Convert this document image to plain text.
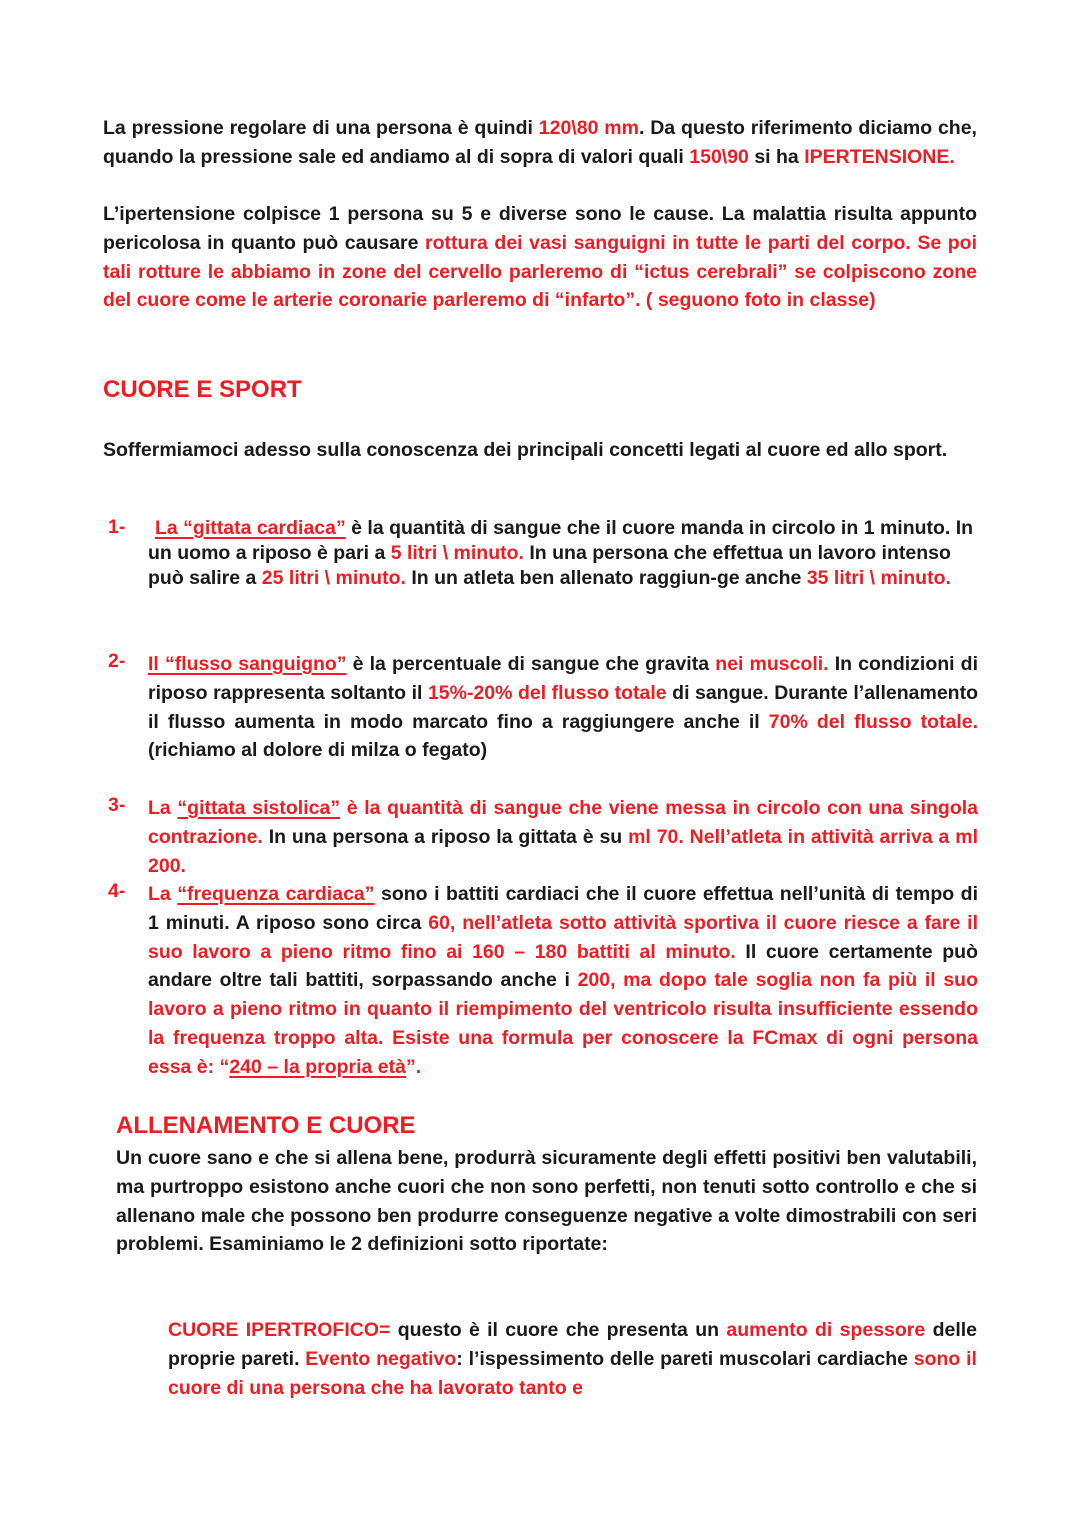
La pressione regolare di una persona è quindi 120\80 mm. Da questo riferimento diciamo che, quando la pressione sale ed andiamo al di sopra di valori quali 150\90 si ha IPERTENSIONE.

L’ipertensione colpisce 1 persona su 5 e diverse sono le cause. La malattia risulta appunto pericolosa in quanto può causare rottura dei vasi sanguigni in tutte le parti del corpo. Se poi tali rotture le abbiamo in zone del cervello parleremo di “ictus cerebrali” se colpiscono zone del cuore come le arterie coronarie parleremo di “infarto”. ( seguono foto in classe)

CUORE E SPORT

Soffermiamoci adesso sulla conoscenza dei principali concetti legati al cuore ed allo sport.

1-	La “gittata cardiaca” è la quantità di sangue che il cuore manda in circolo in 1 minuto. In un uomo a riposo è pari a 5 litri \ minuto. In una persona che effettua un lavoro intenso può salire a 25 litri \ minuto. In un atleta ben allenato raggiun-ge anche 35 litri \ minuto.
2- Il “flusso sanguigno” è la percentuale di sangue che gravita nei muscoli. In condizioni di riposo rappresenta soltanto il 15%-20% del flusso totale di sangue. Durante l’allenamento il flusso aumenta in modo marcato fino a raggiungere anche il 70% del flusso totale. (richiamo al dolore di milza o fegato)
3- La “gittata sistolica” è la quantità di sangue che viene messa in circolo con una singola contrazione. In una persona a riposo la gittata è su ml 70. Nell’atleta in attività arriva a ml 200.
4- La “frequenza cardiaca” sono i battiti cardiaci che il cuore effettua nell’unità di tempo di 1 minuti. A riposo sono circa 60, nell’atleta sotto attività sportiva il cuore riesce a fare il suo lavoro a pieno ritmo fino ai 160 – 180 battiti al minuto. Il cuore certamente può andare oltre tali battiti, sorpassando anche i 200, ma dopo tale soglia non fa più il suo lavoro a pieno ritmo in quanto il riempimento del ventricolo risulta insufficiente essendo la frequenza troppo alta. Esiste una formula per conoscere la FCmax di ogni persona essa è: “240 – la propria età”.
ALLENAMENTO E CUORE

Un cuore sano e che si allena bene, produrrà sicuramente degli effetti positivi ben valutabili, ma purtroppo esistono anche cuori che non sono perfetti, non tenuti sotto controllo e che si allenano male che possono ben produrre conseguenze negative a volte dimostrabili con seri problemi. Esaminiamo le 2 definizioni sotto riportate:

CUORE IPERTROFICO= questo è il cuore che presenta un aumento di spessore delle proprie pareti. Evento negativo: l’ispessimento delle pareti muscolari cardiache sono il cuore di una persona che ha lavorato tanto e
